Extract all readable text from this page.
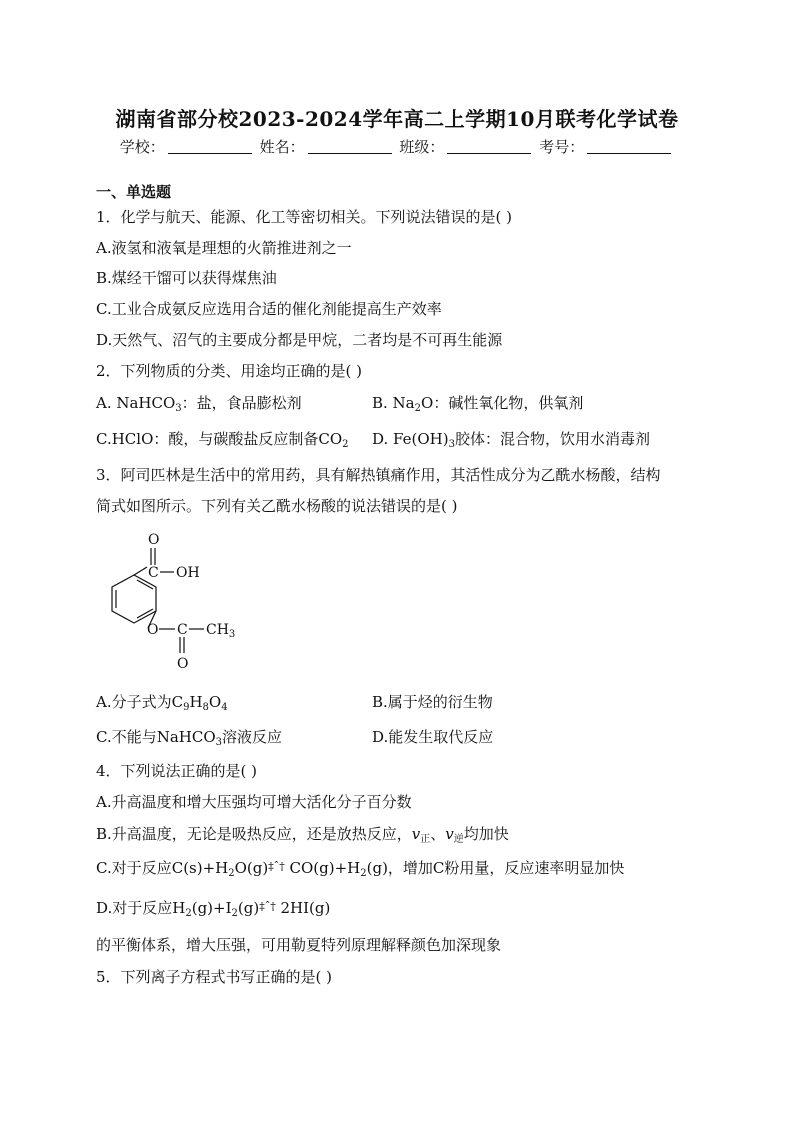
湖南省部分校2023-2024学年高二上学期10月联考化学试卷
学校：	姓名：	班级：	考号：
一、单选题
1．化学与航天、能源、化工等密切相关。下列说法错误的是( )
A.液氢和液氧是理想的火箭推进剂之一
B.煤经干馏可以获得煤焦油
C.工业合成氨反应选用合适的催化剂能提高生产效率
D.天然气、沼气的主要成分都是甲烷，二者均是不可再生能源
2．下列物质的分类、用途均正确的是( )
A. NaHCO$_3$：盐，食品膨松剂	B. $Na_2O$：碱性氧化物，供氧剂
C.HClO：酸，与碳酸盐反应制备$CO_2$ D. $Fe(OH)_3$胶体：混合物，饮用水消毒剂
3．阿司匹林是生活中的常用药，具有解热镇痛作用，其活性成分为乙酰水杨酸，结构
简式如图所示。下列有关乙酰水杨酸的说法错误的是( )
C
O
OH
O C $CH_3$
O
A.分子式为$C_9H_8O_4$	B.属于烃的衍生物
C.不能与NaHCO$_3$溶液反应	D.能发生取代反应
4．下列说法正确的是( )
A.升高温度和增大压强均可增大活化分子百分数
B.升高温度，无论是吸热反应，还是放热反应，$v_正$、$v_逆$均加快
C.对于反应$C(s)+H_2O(g)^{\ddagger ˆ\dagger}$ $CO(g)+H_2(g)$，增加C粉用量，反应速率明显加快
D.对于反应$H_2(g)+I_2(g)^{\ddagger ˆ\dagger}$ 2HI(g)
的平衡体系，增大压强，可用勒夏特列原理解释颜色加深现象
5．下列离子方程式书写正确的是( )
